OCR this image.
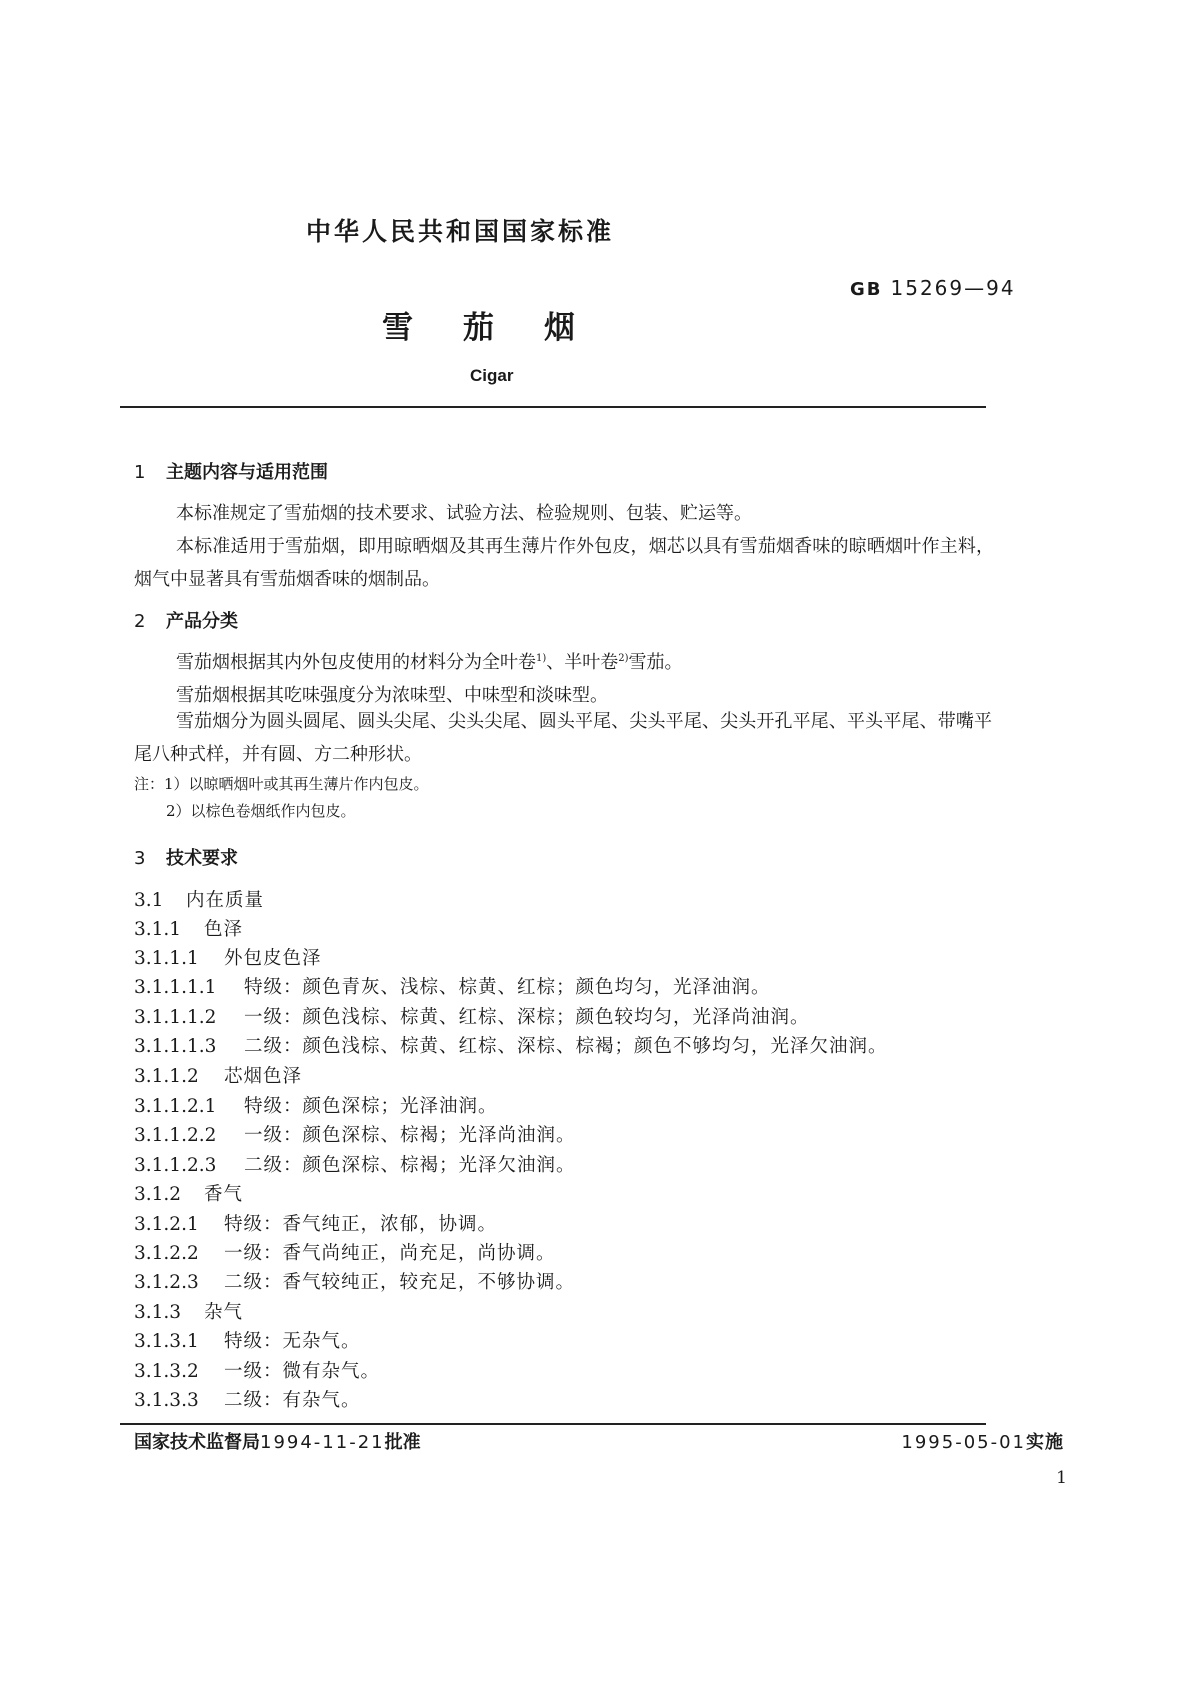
中华人民共和国国家标准
GB 15269—94
雪茄烟
Cigar
1 主题内容与适用范围
本标准规定了雪茄烟的技术要求、试验方法、检验规则、包装、贮运等。
本标准适用于雪茄烟，即用晾晒烟及其再生薄片作外包皮，烟芯以具有雪茄烟香味的晾晒烟叶作主料，烟气中显著具有雪茄烟香味的烟制品。
2 产品分类
雪茄烟根据其内外包皮使用的材料分为全叶卷$^{1)}$、半叶卷$^{2)}$雪茄。
雪茄烟根据其吃味强度分为浓味型、中味型和淡味型。
雪茄烟分为圆头圆尾、圆头尖尾、尖头尖尾、圆头平尾、尖头平尾、尖头开孔平尾、平头平尾、带嘴平尾八种式样，并有圆、方二种形状。
注：1）以晾晒烟叶或其再生薄片作内包皮。
2）以棕色卷烟纸作内包皮。
3 技术要求
3.1 内在质量
3.1.1 色泽
3.1.1.1 外包皮色泽
3.1.1.1.1 特级：颜色青灰、浅棕、棕黄、红棕；颜色均匀，光泽油润。
3.1.1.1.2 一级：颜色浅棕、棕黄、红棕、深棕；颜色较均匀，光泽尚油润。
3.1.1.1.3 二级：颜色浅棕、棕黄、红棕、深棕、棕褐；颜色不够均匀，光泽欠油润。
3.1.1.2 芯烟色泽
3.1.1.2.1 特级：颜色深棕；光泽油润。
3.1.1.2.2 一级：颜色深棕、棕褐；光泽尚油润。
3.1.1.2.3 二级：颜色深棕、棕褐；光泽欠油润。
3.1.2 香气
3.1.2.1 特级：香气纯正，浓郁，协调。
3.1.2.2 一级：香气尚纯正，尚充足，尚协调。
3.1.2.3 二级：香气较纯正，较充足，不够协调。
3.1.3 杂气
3.1.3.1 特级：无杂气。
3.1.3.2 一级：微有杂气。
3.1.3.3 二级：有杂气。
国家技术监督局1994-11-21批准	1995-05-01实施
1
